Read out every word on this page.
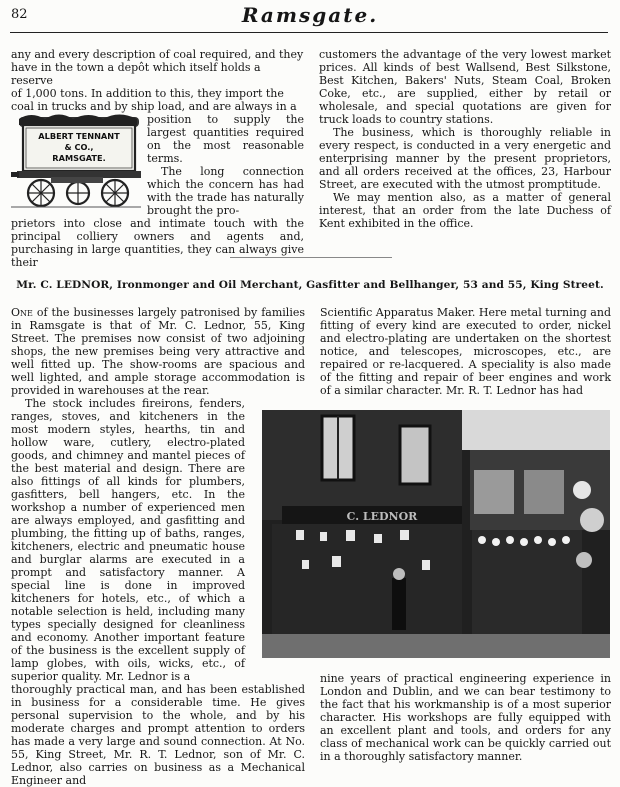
82	Ramsgate.
any and every description of coal required, and they
have in the town a depôt which itself holds a reserve
of 1,000 tons. In addition to this, they import the
coal in trucks and by ship load, and are always in a
ALBERT TENNANT
& CO.,
RAMSGATE.

position to supply the largest quantities required on the most reasonable terms.

The long connection which the concern has had with the trade has naturally brought the pro-

prietors into close and intimate touch with the principal colliery owners and agents and, purchasing in large quantities, they can always give their

customers the advantage of the very lowest market prices. All kinds of best Wallsend, Best Silkstone, Best Kitchen, Bakers' Nuts, Steam Coal, Broken Coke, etc., are supplied, either by retail or wholesale, and special quotations are given for truck loads to country stations.

The business, which is thoroughly reliable in every respect, is conducted in a very energetic and enterprising manner by the present proprietors, and all orders received at the offices, 23, Harbour Street, are executed with the utmost promptitude.

We may mention also, as a matter of general interest, that an order from the late Duchess of Kent exhibited in the office.

Mr. C. LEDNOR, Ironmonger and Oil Merchant, Gasfitter and Bellhanger, 53 and 55, King Street.

One of the businesses largely patronised by families in Ramsgate is that of Mr. C. Lednor, 55, King Street. The premises now consist of two adjoining shops, the new premises being very attractive and well fitted up. The show-rooms are spacious and well lighted, and ample storage accommodation is provided in warehouses at the rear.

The stock includes fireirons, fenders, ranges, stoves, and kitcheners in the most modern styles, hearths, tin and hollow ware, cutlery, electro-plated goods, and chimney and mantel pieces of the best material and design. There are also fittings of all kinds for plumbers, gasfitters, bell hangers, etc. In the workshop a number of experienced men are always employed, and gasfitting and plumbing, the fitting up of baths, ranges, kitcheners, electric and pneumatic house and burglar alarms are executed in a prompt and satisfactory manner. A special line is done in improved kitcheners for hotels, etc., of which a notable selection is held, including many types specially designed for cleanliness and economy. Another important feature of the business is the excellent supply of lamp globes, with oils, wicks, etc., of superior quality. Mr. Lednor is a

thoroughly practical man, and has been established in business for a considerable time. He gives personal supervision to the whole, and by his moderate charges and prompt attention to orders has made a very large and sound connection. At No. 55, King Street, Mr. R. T. Lednor, son of Mr. C. Lednor, also carries on business as a Mechanical Engineer and

Scientific Apparatus Maker. Here metal turning and fitting of every kind are executed to order, nickel and electro-plating are undertaken on the shortest notice, and telescopes, microscopes, etc., are repaired or re-lacquered. A speciality is also made of the fitting and repair of beer engines and work of a similar character. Mr. R. T. Lednor has had

nine years of practical engineering experience in London and Dublin, and we can bear testimony to the fact that his workmanship is of a most superior character. His workshops are fully equipped with an excellent plant and tools, and orders for any class of mechanical work can be quickly carried out in a thoroughly satisfactory manner.

C. LEDNOR
